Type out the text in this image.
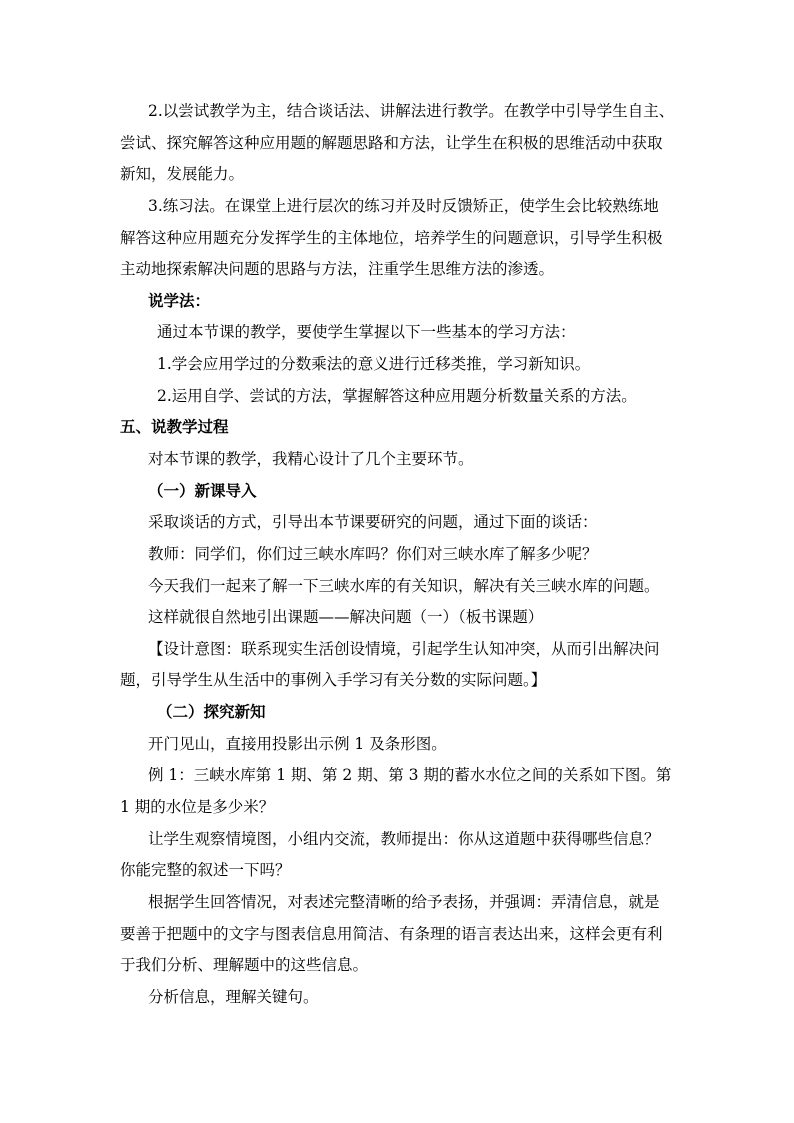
2.以尝试教学为主，结合谈话法、讲解法进行教学。在教学中引导学生自主、
尝试、探究解答这种应用题的解题思路和方法，让学生在积极的思维活动中获取
新知，发展能力。
3.练习法。在课堂上进行层次的练习并及时反馈矫正，使学生会比较熟练地
解答这种应用题充分发挥学生的主体地位，培养学生的问题意识，引导学生积极
主动地探索解决问题的思路与方法，注重学生思维方法的渗透。
说学法：
通过本节课的教学，要使学生掌握以下一些基本的学习方法：
1.学会应用学过的分数乘法的意义进行迁移类推，学习新知识。
2.运用自学、尝试的方法，掌握解答这种应用题分析数量关系的方法。
五、说教学过程
对本节课的教学，我精心设计了几个主要环节。
（一）新课导入
采取谈话的方式，引导出本节课要研究的问题，通过下面的谈话：
教师：同学们，你们过三峡水库吗？你们对三峡水库了解多少呢？
今天我们一起来了解一下三峡水库的有关知识，解决有关三峡水库的问题。
这样就很自然地引出课题——解决问题（一）（板书课题）
【设计意图：联系现实生活创设情境，引起学生认知冲突，从而引出解决问
题，引导学生从生活中的事例入手学习有关分数的实际问题。】
（二）探究新知
开门见山，直接用投影出示例 1 及条形图。
例 1：三峡水库第 1 期、第 2 期、第 3 期的蓄水水位之间的关系如下图。第
1 期的水位是多少米？
让学生观察情境图，小组内交流，教师提出：你从这道题中获得哪些信息？
你能完整的叙述一下吗？
根据学生回答情况，对表述完整清晰的给予表扬，并强调：弄清信息，就是
要善于把题中的文字与图表信息用简洁、有条理的语言表达出来，这样会更有利
于我们分析、理解题中的这些信息。
分析信息，理解关键句。
